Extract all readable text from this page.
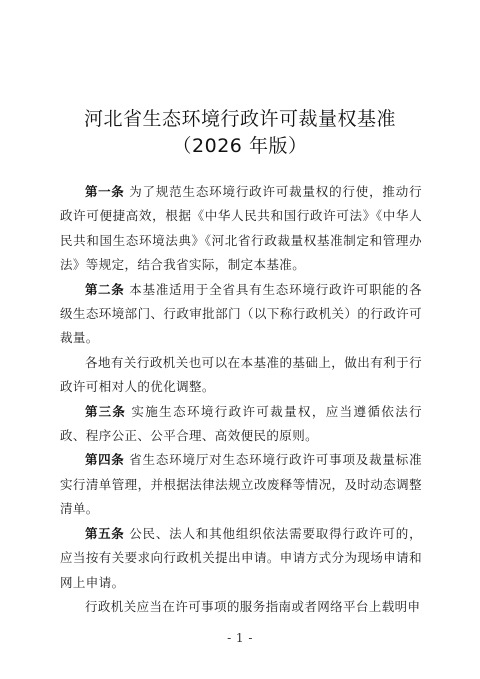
河北省生态环境行政许可裁量权基准
（2026 年版）

第一条 为了规范生态环境行政许可裁量权的行使，推动行政许可便捷高效，根据《中华人民共和国行政许可法》《中华人民共和国生态环境法典》《河北省行政裁量权基准制定和管理办法》等规定，结合我省实际，制定本基准。

第二条 本基准适用于全省具有生态环境行政许可职能的各级生态环境部门、行政审批部门（以下称行政机关）的行政许可裁量。

各地有关行政机关也可以在本基准的基础上，做出有利于行政许可相对人的优化调整。

第三条 实施生态环境行政许可裁量权，应当遵循依法行政、程序公正、公平合理、高效便民的原则。

第四条 省生态环境厅对生态环境行政许可事项及裁量标准实行清单管理，并根据法律法规立改废释等情况，及时动态调整清单。

第五条 公民、法人和其他组织依法需要取得行政许可的，应当按有关要求向行政机关提出申请。申请方式分为现场申请和网上申请。

行政机关应当在许可事项的服务指南或者网络平台上载明申

- 1 -
